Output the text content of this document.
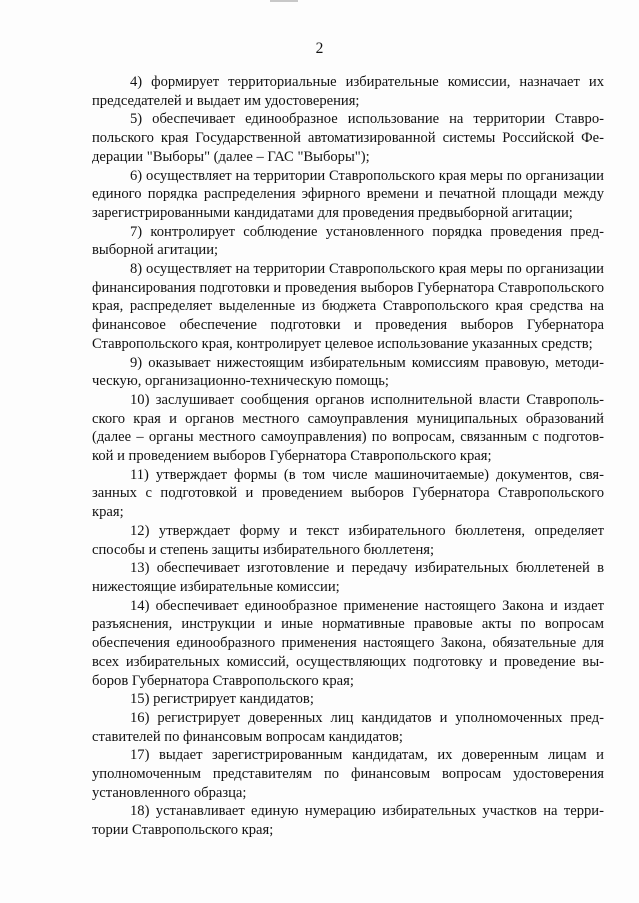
2

4) формирует территориальные избирательные комиссии, назначает их председателей и выдает им удостоверения;

5) обеспечивает единообразное использование на территории Ставропольского края Государственной автоматизированной системы Российской Федерации "Выборы" (далее – ГАС "Выборы");

6) осуществляет на территории Ставропольского края меры по организации единого порядка распределения эфирного времени и печатной площади между зарегистрированными кандидатами для проведения предвыборной агитации;

7) контролирует соблюдение установленного порядка проведения предвыборной агитации;

8) осуществляет на территории Ставропольского края меры по организации финансирования подготовки и проведения выборов Губернатора Ставропольского края, распределяет выделенные из бюджета Ставропольского края средства на финансовое обеспечение подготовки и проведения выборов Губернатора Ставропольского края, контролирует целевое использование указанных средств;

9) оказывает нижестоящим избирательным комиссиям правовую, методическую, организационно-техническую помощь;

10) заслушивает сообщения органов исполнительной власти Ставропольского края и органов местного самоуправления муниципальных образований (далее – органы местного самоуправления) по вопросам, связанным с подготовкой и проведением выборов Губернатора Ставропольского края;

11) утверждает формы (в том числе машиночитаемые) документов, связанных с подготовкой и проведением выборов Губернатора Ставропольского края;

12) утверждает форму и текст избирательного бюллетеня, определяет способы и степень защиты избирательного бюллетеня;

13) обеспечивает изготовление и передачу избирательных бюллетеней в нижестоящие избирательные комиссии;

14) обеспечивает единообразное применение настоящего Закона и издает разъяснения, инструкции и иные нормативные правовые акты по вопросам обеспечения единообразного применения настоящего Закона, обязательные для всех избирательных комиссий, осуществляющих подготовку и проведение выборов Губернатора Ставропольского края;

15) регистрирует кандидатов;

16) регистрирует доверенных лиц кандидатов и уполномоченных представителей по финансовым вопросам кандидатов;

17) выдает зарегистрированным кандидатам, их доверенным лицам и уполномоченным представителям по финансовым вопросам удостоверения установленного образца;

18) устанавливает единую нумерацию избирательных участков на территории Ставропольского края;
